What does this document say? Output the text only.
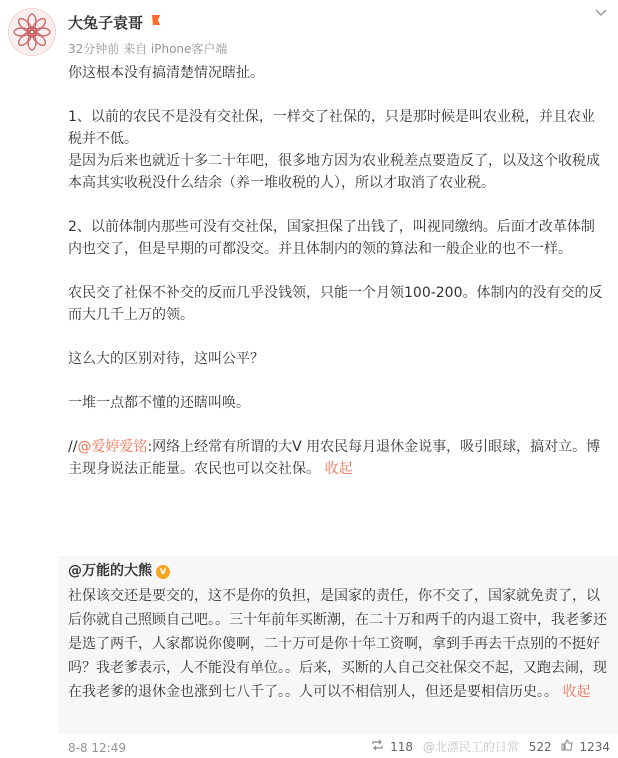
大兔子袁哥
32分钟前 来自 iPhone客户端

你这根本没有搞清楚情况瞎扯。

1、以前的农民不是没有交社保，一样交了社保的，只是那时候是叫农业税，并且农业税并不低。

是因为后来也就近十多二十年吧，很多地方因为农业税差点要造反了，以及这个收税成本高其实收税没什么结余（养一堆收税的人），所以才取消了农业税。

2、以前体制内那些可没有交社保，国家担保了出钱了，叫视同缴纳。后面才改革体制内也交了，但是早期的可都没交。并且体制内的领的算法和一般企业的也不一样。

农民交了社保不补交的反而几乎没钱领，只能一个月领100-200。体制内的没有交的反而大几千上万的领。

这么大的区别对待，这叫公平？

一堆一点都不懂的还瞎叫唤。

//@爱婷爱铭:网络上经常有所谓的大V 用农民每月退休金说事，吸引眼球，搞对立。博主现身说法正能量。农民也可以交社保。 收起

@万能的大熊 v
社保该交还是要交的，这不是你的负担，是国家的责任，你不交了，国家就免责了，以后你就自己照顾自己吧。。三十年前年买断潮，在二十万和两千的内退工资中，我老爹还是选了两千，人家都说你傻啊，二十万可是你十年工资啊，拿到手再去干点别的不挺好吗？我老爹表示，人不能没有单位。。后来，买断的人自己交社保交不起，又跑去闹，现在我老爹的退休金也涨到七八千了。。人可以不相信别人，但还是要相信历史。。 收起
8-8 12:49	118 @北漂民工的日常 522 1234
